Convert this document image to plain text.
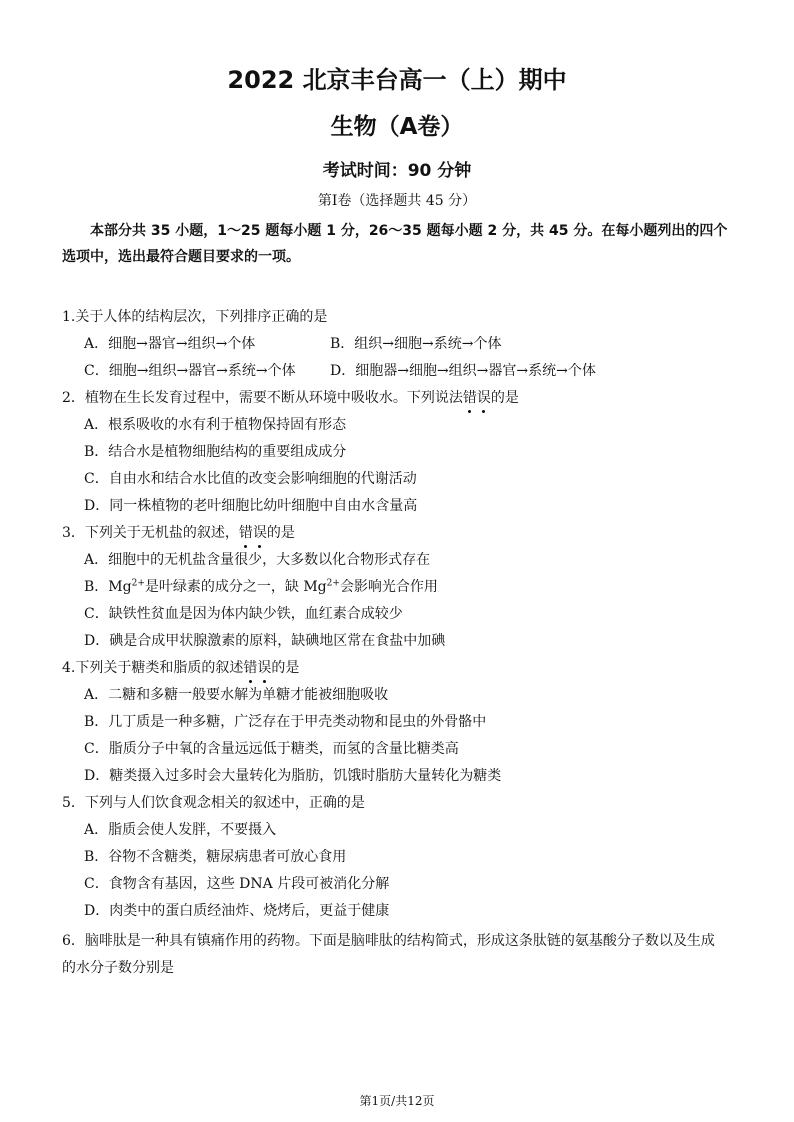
2022 北京丰台高一（上）期中
生物（A卷）
考试时间：90 分钟
第Ⅰ卷（选择题共 45 分）
本部分共 35 小题，1～25 题每小题 1 分，26～35 题每小题 2 分，共 45 分。在每小题列出的四个选项中，选出最符合题目要求的一项。
1.关于人体的结构层次，下列排序正确的是
A．细胞→器官→组织→个体	B．组织→细胞→系统→个体
C．细胞→组织→器官→系统→个体 D．细胞器→细胞→组织→器官→系统→个体
2．植物在生长发育过程中，需要不断从环境中吸收水。下列说法错误的是
A．根系吸收的水有利于植物保持固有形态
B．结合水是植物细胞结构的重要组成成分
C．自由水和结合水比值的改变会影响细胞的代谢活动
D．同一株植物的老叶细胞比幼叶细胞中自由水含量高
3．下列关于无机盐的叙述，错误的是
A．细胞中的无机盐含量很少，大多数以化合物形式存在
B．$Mg^{2+}$是叶绿素的成分之一，缺 $Mg^{2+}$会影响光合作用
C．缺铁性贫血是因为体内缺少铁，血红素合成较少
D．碘是合成甲状腺激素的原料，缺碘地区常在食盐中加碘
4.下列关于糖类和脂质的叙述错误的是
A．二糖和多糖一般要水解为单糖才能被细胞吸收
B．几丁质是一种多糖，广泛存在于甲壳类动物和昆虫的外骨骼中
C．脂质分子中氧的含量远远低于糖类，而氢的含量比糖类高
D．糖类摄入过多时会大量转化为脂肪，饥饿时脂肪大量转化为糖类
5．下列与人们饮食观念相关的叙述中，正确的是
A．脂质会使人发胖，不要摄入
B．谷物不含糖类，糖尿病患者可放心食用
C．食物含有基因，这些 DNA 片段可被消化分解
D．肉类中的蛋白质经油炸、烧烤后，更益于健康
6．脑啡肽是一种具有镇痛作用的药物。下面是脑啡肽的结构简式，形成这条肽链的氨基酸分子数以及生成
的水分子数分别是
第1页/共12页
